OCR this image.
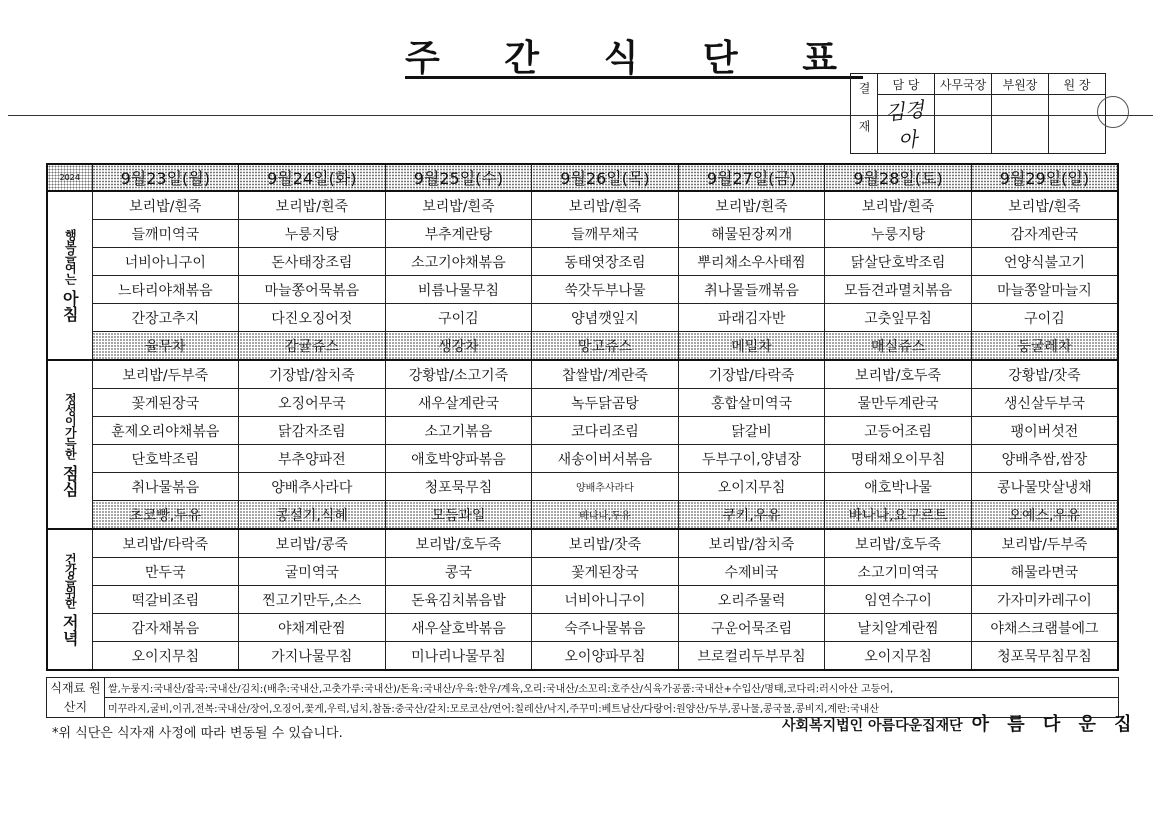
주 간 식 단 표
결 재	담 당	사무국장	부원장	원 장
	김경아			
2024	9월23일(월)	9월24일(화)	9월25일(수)	9월26일(목)	9월27일(금)	9월28일(토)	9월29일(일)

행복을여는
아침	보리밥/흰죽	보리밥/흰죽	보리밥/흰죽	보리밥/흰죽	보리밥/흰죽	보리밥/흰죽	보리밥/흰죽
	들깨미역국	누룽지탕	부추계란탕	들깨무채국	해물된장찌개	누룽지탕	감자계란국
	너비아니구이	돈사태장조림	소고기야채볶음	동태엿장조림	뿌리채소우사태찜	닭살단호박조림	언양식불고기
	느타리야채볶음	마늘쫑어묵볶음	비름나물무침	쑥갓두부나물	취나물들깨볶음	모듬견과멸치볶음	마늘쫑알마늘지
	간장고추지	다진오징어젓	구이김	양념깻잎지	파래김자반	고춧잎무침	구이김
	율무차	감귤쥬스	생강차	망고쥬스	메밀차	매실쥬스	둥굴레차

정성이가득한
점심	보리밥/두부죽	기장밥/참치죽	강황밥/소고기죽	찹쌀밥/계란죽	기장밥/타락죽	보리밥/호두죽	강황밥/잣죽
	꽃게된장국	오징어무국	새우살계란국	녹두닭곰탕	홍합살미역국	물만두계란국	생신살두부국
	훈제오리야채볶음	닭감자조림	소고기볶음	코다리조림	닭갈비	고등어조림	팽이버섯전
	단호박조림	부추양파전	애호박양파볶음	새송이버서볶음	두부구이,양념장	명태채오이무침	양배추쌈,쌈장
	취나물볶음	양배추사라다	청포묵무침	양배추사라다	오이지무침	애호박나물	콩나물맛살냉채
	초코빵,두유	콩설기,식혜	모듬과일	바나나,두유	쿠키,우유	바나나,요구르트	오예스,우유

건강을위한
저녁	보리밥/타락죽	보리밥/콩죽	보리밥/호두죽	보리밥/잣죽	보리밥/참치죽	보리밥/호두죽	보리밥/두부죽
	만두국	굴미역국	콩국	꽃게된장국	수제비국	소고기미역국	해물라면국
	떡갈비조림	찐고기만두,소스	돈육김치볶음밥	너비아니구이	오리주물럭	임연수구이	가자미카레구이
	감자채볶음	야채계란찜	새우살호박볶음	숙주나물볶음	구운어묵조림	날치알계란찜	야채스크램블에그
	오이지무침	가지나물무침	미나리나물무침	오이양파무침	브로컬리두부무침	오이지무침	청포묵무침무침
식재료 원산지	쌀,누룽지:국내산/잡곡:국내산/김치:(배추:국내산,고춧가루:국내산)/돈육:국내산/우육:한우/계육,오리:국내산/소꼬리:호주산/식육가공품:국내산+수입산/명태,코다리:러시아산 고등어,
미꾸라지,굴비,이귀,전복:국내산/장어,오징어,꽃게,우럭,넙치,참돔:중국산/갈치:모로코산/연어:칠레산/낙지,주꾸미:베트남산/다랑어:원양산/두부,콩나물,콩국물,콩비지,계란:국내산
*위 식단은 식자재 사정에 따라 변동될 수 있습니다.	사회복지법인 아름다운집재단 아 름 다 운 집
